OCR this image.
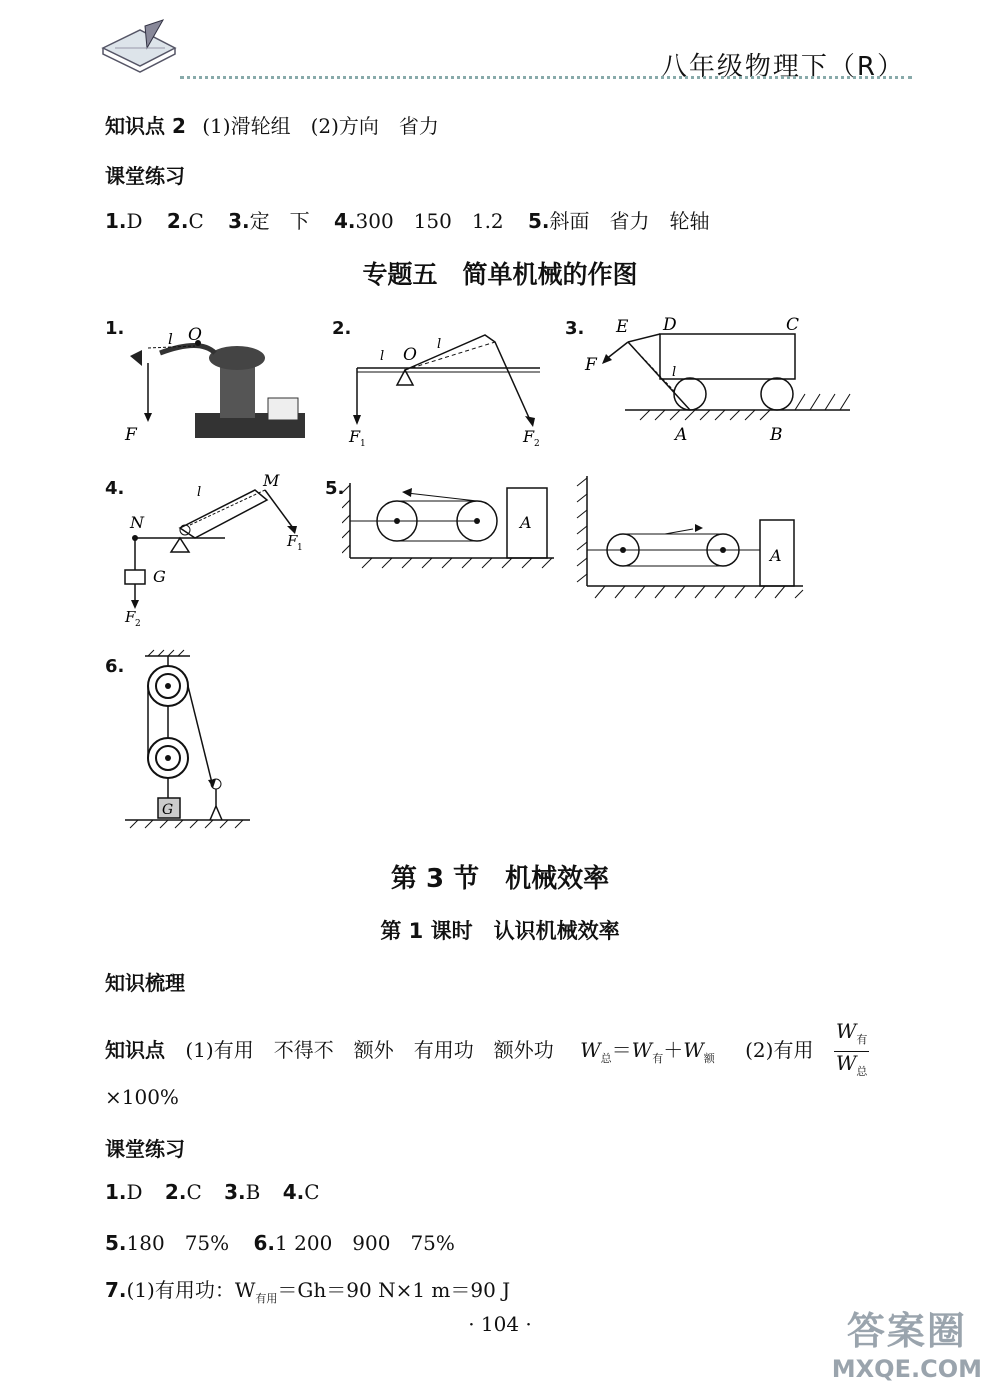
八年级物理下（R）
知识点 2 (1)滑轮组　(2)方向　省力
课堂练习
1.D 2.C 3.定　下 4.300　150　1.2 5.斜面　省力　轮轴
专题五　简单机械的作图
1.	2.	3.
4.	5.
6.
l O
F
O
l
l
F 1	F 2
E D	C
F	l
A	B
N
M
l
G
F 1
F 2
A
A
G
第 3 节　机械效率
第 1 课时　认识机械效率
知识梳理
知识点 (1)有用　不得不　额外　有用功　额外功 $W_总=W_有+W_额$ (2)有用 $\frac{W_有}{W_总}$
×100%
课堂练习
1.D 2.C 3.B 4.C
5.180　75% 6.1 200　900　75%
7.(1)有用功：$W_{有用}=Gh=90$ N×1 m＝90 J
· 104 ·	答案圈
MXQE.COM
